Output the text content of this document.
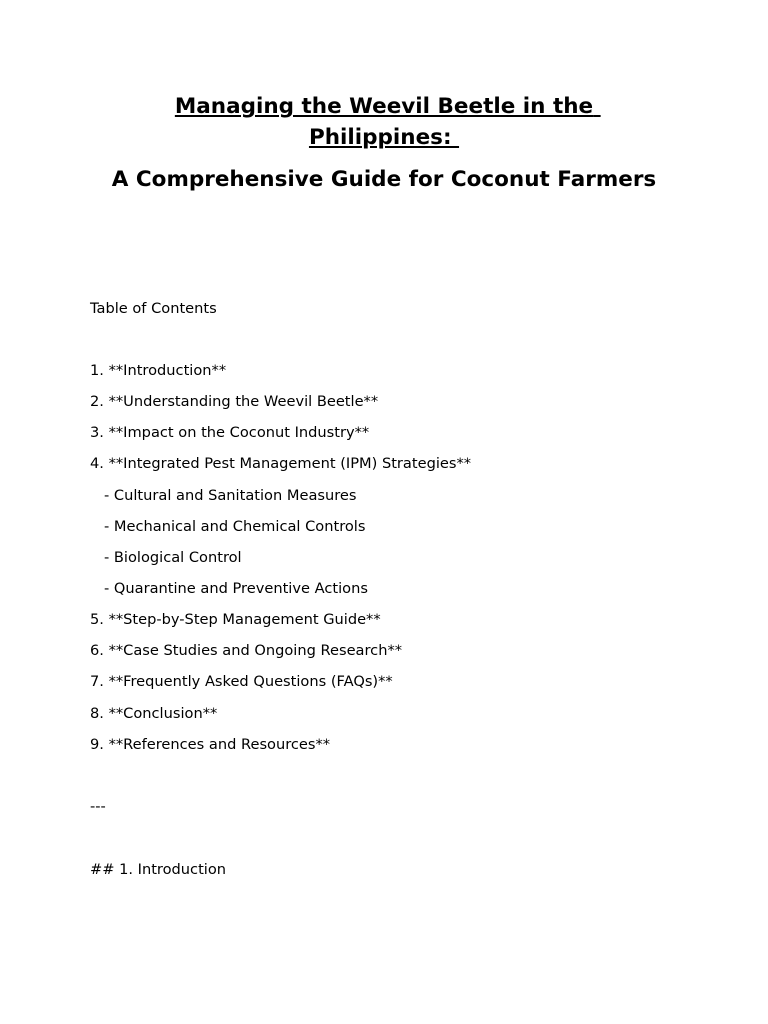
Managing the Weevil Beetle in the Philippines:
A Comprehensive Guide for Coconut Farmers
Table of Contents
1. **Introduction**
2. **Understanding the Weevil Beetle**
3. **Impact on the Coconut Industry**
4. **Integrated Pest Management (IPM) Strategies**
- Cultural and Sanitation Measures
- Mechanical and Chemical Controls
- Biological Control
- Quarantine and Preventive Actions
5. **Step-by-Step Management Guide**
6. **Case Studies and Ongoing Research**
7. **Frequently Asked Questions (FAQs)**
8. **Conclusion**
9. **References and Resources**
---
## 1. Introduction
